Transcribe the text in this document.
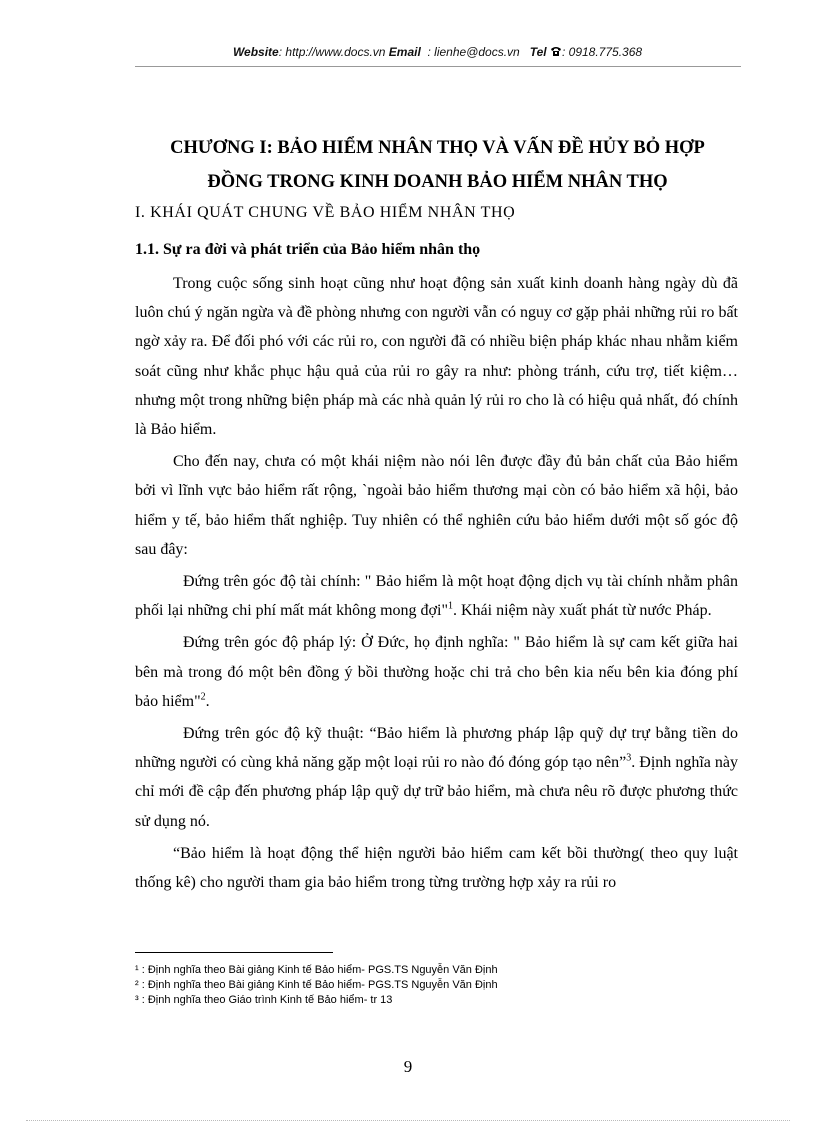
Website: http://www.docs.vn Email : lienhe@docs.vn Tel : 0918.775.368
CHƯƠNG I: BẢO HIỂM NHÂN THỌ VÀ VẤN ĐỀ HỦY BỎ HỢP
ĐỒNG TRONG KINH DOANH BẢO HIỂM NHÂN THỌ
I. KHÁI QUÁT CHUNG VỀ BẢO HIỂM NHÂN THỌ
1.1. Sự ra đời và phát triển của Bảo hiểm nhân thọ

Trong cuộc sống sinh hoạt cũng như hoạt động sản xuất kinh doanh hàng ngày dù đã luôn chú ý ngăn ngừa và đề phòng nhưng con người vẫn có nguy cơ gặp phải những rủi ro bất ngờ xảy ra. Để đối phó với các rủi ro, con người đã có nhiều biện pháp khác nhau nhằm kiểm soát cũng như khắc phục hậu quả của rủi ro gây ra như: phòng tránh, cứu trợ, tiết kiệm…nhưng một trong những biện pháp mà các nhà quản lý rủi ro cho là có hiệu quả nhất, đó chính là Bảo hiểm.

Cho đến nay, chưa có một khái niệm nào nói lên được đầy đủ bản chất của Bảo hiểm bởi vì lĩnh vực bảo hiểm rất rộng, `ngoài bảo hiểm thương mại còn có bảo hiểm xã hội, bảo hiểm y tế, bảo hiểm thất nghiệp. Tuy nhiên có thể nghiên cứu bảo hiểm dưới một số góc độ sau đây:

Đứng trên góc độ tài chính: " Bảo hiểm là một hoạt động dịch vụ tài chính nhằm phân phối lại những chi phí mất mát không mong đợi"$^1$. Khái niệm này xuất phát từ nước Pháp.

Đứng trên góc độ pháp lý: Ở Đức, họ định nghĩa: " Bảo hiểm là sự cam kết giữa hai bên mà trong đó một bên đồng ý bồi thường hoặc chi trả cho bên kia nếu bên kia đóng phí bảo hiểm"$^2$.

Đứng trên góc độ kỹ thuật: “Bảo hiểm là phương pháp lập quỹ dự trự bằng tiền do những người có cùng khả năng gặp một loại rủi ro nào đó đóng góp tạo nên”$^3$. Định nghĩa này chỉ mới đề cập đến phương pháp lập quỹ dự trữ bảo hiểm, mà chưa nêu rõ được phương thức sử dụng nó.

“Bảo hiểm là hoạt động thể hiện người bảo hiểm cam kết bồi thường( theo quy luật thống kê) cho người tham gia bảo hiểm trong từng trường hợp xảy ra rủi ro

¹ : Định nghĩa theo Bài giảng Kinh tế Bảo hiểm- PGS.TS Nguyễn Văn Định
² : Định nghĩa theo Bài giảng Kinh tế Bảo hiểm- PGS.TS Nguyễn Văn Định
³ : Định nghĩa theo Giáo trình Kinh tế Bảo hiểm- tr 13
9
